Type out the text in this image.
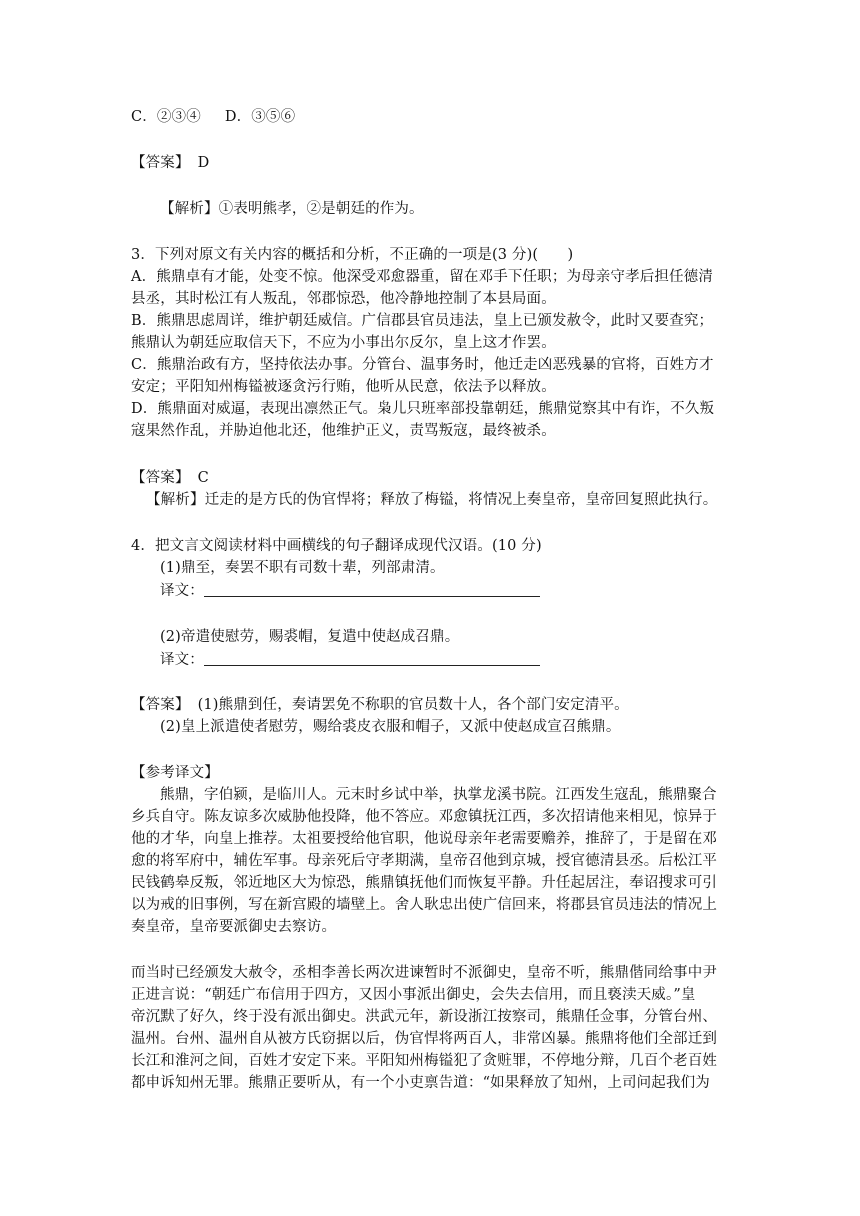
C．②③④ D．③⑤⑥
【答案】 D
【解析】①表明熊孝，②是朝廷的作为。
3．下列对原文有关内容的概括和分析，不正确的一项是(3 分)(　　)
A．熊鼎卓有才能，处变不惊。他深受邓愈器重，留在邓手下任职；为母亲守孝后担任德清
县丞，其时松江有人叛乱，邻郡惊恐，他冷静地控制了本县局面。
B．熊鼎思虑周详，维护朝廷威信。广信郡县官员违法，皇上已颁发赦令，此时又要查究；
熊鼎认为朝廷应取信天下，不应为小事出尔反尔，皇上这才作罢。
C．熊鼎治政有方，坚持依法办事。分管台、温事务时，他迁走凶恶残暴的官将，百姓方才
安定；平阳知州梅镒被逐贪污行贿，他听从民意，依法予以释放。
D．熊鼎面对威逼，表现出凛然正气。枭儿只班率部投靠朝廷，熊鼎觉察其中有诈，不久叛
寇果然作乱，并胁迫他北还，他维护正义，责骂叛寇，最终被杀。
【答案】 C
【解析】迁走的是方氏的伪官悍将；释放了梅镒，将情况上奏皇帝，皇帝回复照此执行。
4．把文言文阅读材料中画横线的句子翻译成现代汉语。(10 分)
(1)鼎至，奏罢不职有司数十辈，列部肃清。
译文：
(2)帝遣使慰劳，赐裘帽，复遣中使赵成召鼎。
译文：
【答案】 (1)熊鼎到任，奏请罢免不称职的官员数十人，各个部门安定清平。
(2)皇上派遣使者慰劳，赐给裘皮衣服和帽子，又派中使赵成宣召熊鼎。
【参考译文】
熊鼎，字伯颍，是临川人。元末时乡试中举，执掌龙溪书院。江西发生寇乱，熊鼎聚合
乡兵自守。陈友谅多次威胁他投降，他不答应。邓愈镇抚江西，多次招请他来相见，惊异于
他的才华，向皇上推荐。太祖要授给他官职，他说母亲年老需要赡养，推辞了，于是留在邓
愈的将军府中，辅佐军事。母亲死后守孝期满，皇帝召他到京城，授官德清县丞。后松江平
民钱鹤皋反叛，邻近地区大为惊恐，熊鼎镇抚他们而恢复平静。升任起居注，奉诏搜求可引
以为戒的旧事例，写在新宫殿的墙壁上。舍人耿忠出使广信回来，将郡县官员违法的情况上
奏皇帝，皇帝要派御史去察访。
而当时已经颁发大赦令，丞相李善长两次进谏暂时不派御史，皇帝不听，熊鼎偕同给事中尹
正进言说：“朝廷广布信用于四方，又因小事派出御史，会失去信用，而且亵渎天威。”皇
帝沉默了好久，终于没有派出御史。洪武元年，新设浙江按察司，熊鼎任佥事，分管台州、
温州。台州、温州自从被方氏窃据以后，伪官悍将两百人，非常凶暴。熊鼎将他们全部迁到
长江和淮河之间，百姓才安定下来。平阳知州梅镒犯了贪赃罪，不停地分辩，几百个老百姓
都申诉知州无罪。熊鼎正要听从，有一个小吏禀告道：“如果释放了知州，上司问起我们为
